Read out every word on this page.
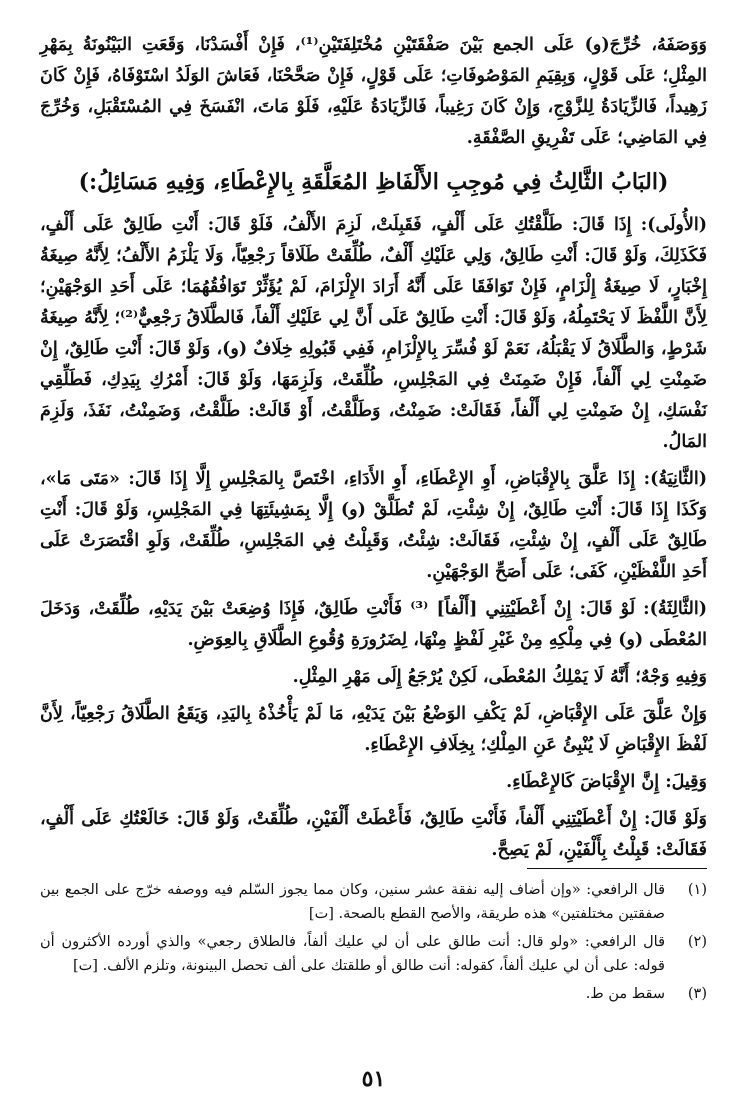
وَوَصَفَهُ، خُرِّجَ(و) عَلَى الجمع بَيْنَ صَفْقَتَيْنِ مُخْتَلِفَتَيْنِ⁽¹⁾، فَإِنْ أَفْسَدْنَا، وَقَعَتِ البَيْنُونَةُ بِمَهْرِ المِثْلِ؛ عَلَى قَوْلٍ، وَبِقِيَمِ المَوْصُوفَاتِ؛ عَلَى قَوْلٍ، فَإِنْ صَحَّحْنَا، فَعَاشَ الوَلَدُ اسْتَوْفَاهُ، فَإِنْ كَانَ زَهِيداً، فَالزِّيَادَةُ لِلزَّوْجِ، وَإِنْ كَانَ رَغِيباً، فَالزِّيَادَةُ عَلَيْهِ، فَلَوْ مَاتَ، انْفَسَخَ فِي المُسْتَقْبَلِ، وَخُرِّجَ فِي المَاضِي؛ عَلَى تَفْرِيقِ الصَّفْقَةِ.

(البَابُ الثَّالِثُ فِي مُوجِبِ الأَلْفَاظِ المُعَلَّقَةِ بِالإِعْطَاءِ، وَفِيهِ مَسَائِلُ:)

(الأُولَى): إِذَا قَالَ: طَلَّقْتُكِ عَلَى أَلْفٍ، فَقَبِلَتْ، لَزِمَ الأَلْفُ، فَلَوْ قَالَ: أَنْتِ طَالِقٌ عَلَى أَلْفٍ، فَكَذَلِكَ، وَلَوْ قَالَ: أَنْتِ طَالِقٌ، وَلِي عَلَيْكِ أَلْفٌ، طُلِّقَتْ طَلَاقاً رَجْعِيّاً، وَلَا يَلْزَمُ الأَلْفُ؛ لِأَنَّهُ صِيغَةُ إِخْبَارٍ، لَا صِيغَةُ إِلْزَامٍ، فَإِنْ تَوَافَقَا عَلَى أَنَّهُ أَرَادَ الإِلْزَامَ، لَمْ يُؤَثِّرْ تَوَافُقُهُمَا؛ عَلَى أَحَدِ الوَجْهَيْنِ؛ لِأَنَّ اللَّفْظَ لَا يَحْتَمِلُهُ، وَلَوْ قَالَ: أَنْتِ طَالِقٌ عَلَى أَنَّ لِي عَلَيْكِ أَلْفاً، فَالطَّلَاقُ رَجْعِيٌّ⁽²⁾؛ لِأَنَّهُ صِيغَةُ شَرْطٍ، وَالطَّلَاقُ لَا يَقْبَلُهُ، نَعَمْ لَوْ فُسِّرَ بِالإِلْزَامِ، فَفِي قَبُولِهِ خِلَافٌ (و)، وَلَوْ قَالَ: أَنْتِ طَالِقٌ، إِنْ ضَمِنْتِ لِي أَلْفاً، فَإِنْ ضَمِنَتْ فِي المَجْلِسِ، طُلِّقَتْ، وَلَزِمَهَا، وَلَوْ قَالَ: أَمْرُكِ بِيَدِكِ، فَطَلِّقِي نَفْسَكِ، إِنْ ضَمِنْتِ لِي أَلْفاً، فَقَالَتْ: ضَمِنْتُ، وَطَلَّقْتُ، أَوْ قَالَتْ: طَلَّقْتُ، وَضَمِنْتُ، نَفَذَ، وَلَزِمَ المَالُ.

(الثَّانِيَةُ): إِذَا عَلَّقَ بِالإِقْبَاضِ، أَوِ الإِعْطَاءِ، أَوِ الأَدَاءِ، اخْتَصَّ بِالمَجْلِسِ إِلَّا إِذَا قَالَ: «مَتَى مَا»، وَكَذَا إِذَا قَالَ: أَنْتِ طَالِقٌ، إِنْ شِئْتِ، لَمْ تُطَلَّقْ (و) إِلَّا بِمَشِيئَتِهَا فِي المَجْلِسِ، وَلَوْ قَالَ: أَنْتِ طَالِقٌ عَلَى أَلْفٍ، إِنْ شِئْتِ، فَقَالَتْ: شِئْتُ، وَقَبِلْتُ فِي المَجْلِسِ، طُلِّقَتْ، وَلَوِ اقْتَصَرَتْ عَلَى أَحَدِ اللَّفْظَيْنِ، كَفَى؛ عَلَى أَصَحِّ الوَجْهَيْنِ.

(الثَّالِثَةُ): لَوْ قَالَ: إِنْ أَعْطَيْتِنِي [أَلْفاً] ⁽³⁾ فَأَنْتِ طَالِقٌ، فَإِذَا وُضِعَتْ بَيْنَ يَدَيْهِ، طُلِّقَتْ، وَدَخَلَ المُعْطَى (و) فِي مِلْكِهِ مِنْ غَيْرِ لَفْظٍ مِنْهَا، لِضَرُورَةِ وُقُوعِ الطَّلَاقِ بِالعِوَضِ.

وَفِيهِ وَجْهٌ؛ أَنَّهُ لَا يَمْلِكُ المُعْطَى، لَكِنْ يُرْجَعُ إِلَى مَهْرِ المِثْلِ.

وَإِنْ عَلَّقَ عَلَى الإِقْبَاضِ، لَمْ يَكْفِ الوَضْعُ بَيْنَ يَدَيْهِ، مَا لَمْ يَأْخُذْهُ بِاليَدِ، وَيَقَعُ الطَّلَاقُ رَجْعِيّاً، لِأَنَّ لَفْظَ الإِقْبَاضِ لَا يُنْبِئُ عَنِ المِلْكِ؛ بِخِلَافِ الإِعْطَاءِ.

وَقِيلَ: إِنَّ الإِقْبَاضَ كَالإِعْطَاءِ.

وَلَوْ قَالَ: إِنْ أَعْطَيْتِنِي أَلْفاً، فَأَنْتِ طَالِقٌ، فَأَعْطَتْ أَلْفَيْنِ، طُلِّقَتْ، وَلَوْ قَالَ: خَالَعْتُكِ عَلَى أَلْفٍ، فَقَالَتْ: قَبِلْتُ بِأَلْفَيْنِ، لَمْ يَصِحَّ.

(١)
قال الرافعي: «وإن أضاف إليه نفقة عشر سنين، وكان مما يجوز السّلم فيه ووصفه خرّج على الجمع بين صفقتين مختلفتين» هذه طريقة، والأصح القطع بالصحة. [ت]
(٢)
قال الرافعي: «ولو قال: أنت طالق على أن لي عليك ألفاً، فالطلاق رجعي» والذي أورده الأكثرون أن قوله: على أن لي عليك ألفاً، كقوله: أنت طالق أو طلقتك على ألف تحصل البينونة، وتلزم الألف. [ت]
(٣)
سقط من ط.
٥١
